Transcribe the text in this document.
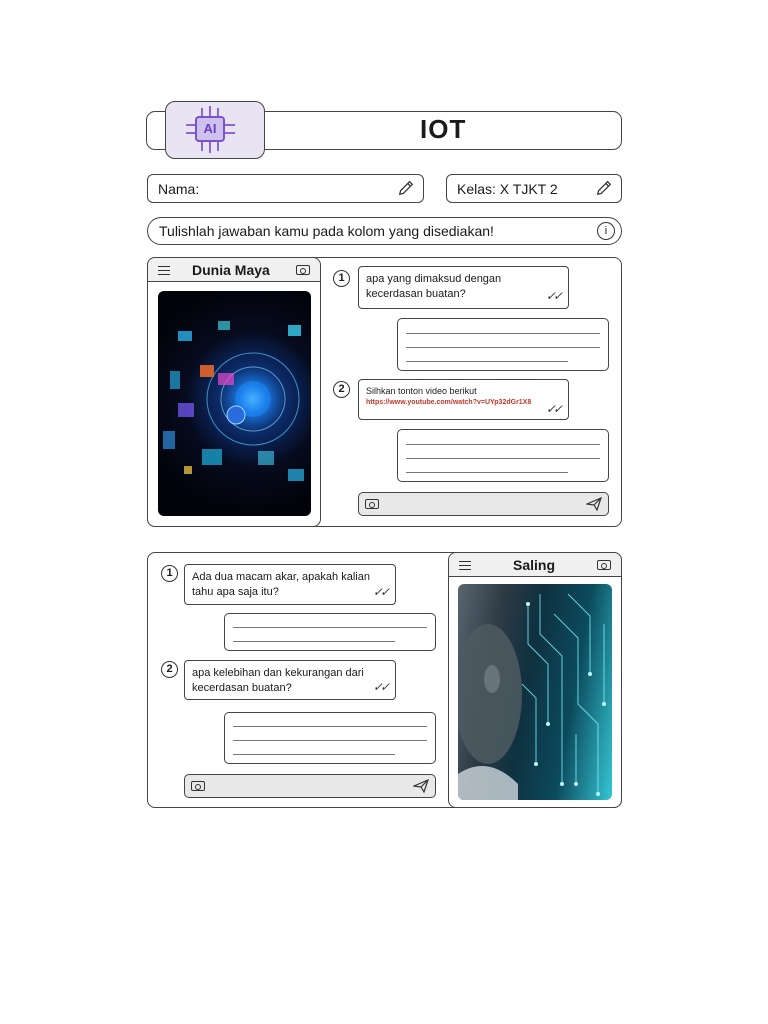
IOT
AI
Nama:	Kelas: X TJKT 2
Tulishlah jawaban kamu pada kolom yang disediakan!	i
Dunia Maya	1	apa yang dimaksud dengan kecerdasan buatan?	✓✓
2	Silhkan tonton video berikut
https://www.youtube.com/watch?v=UYp32dGr1X8	✓✓
1	Ada dua macam akar, apakah kalian tahu apa saja itu?	✓✓
2	apa kelebihan dan kekurangan dari kecerdasan buatan?	✓✓
Saling
